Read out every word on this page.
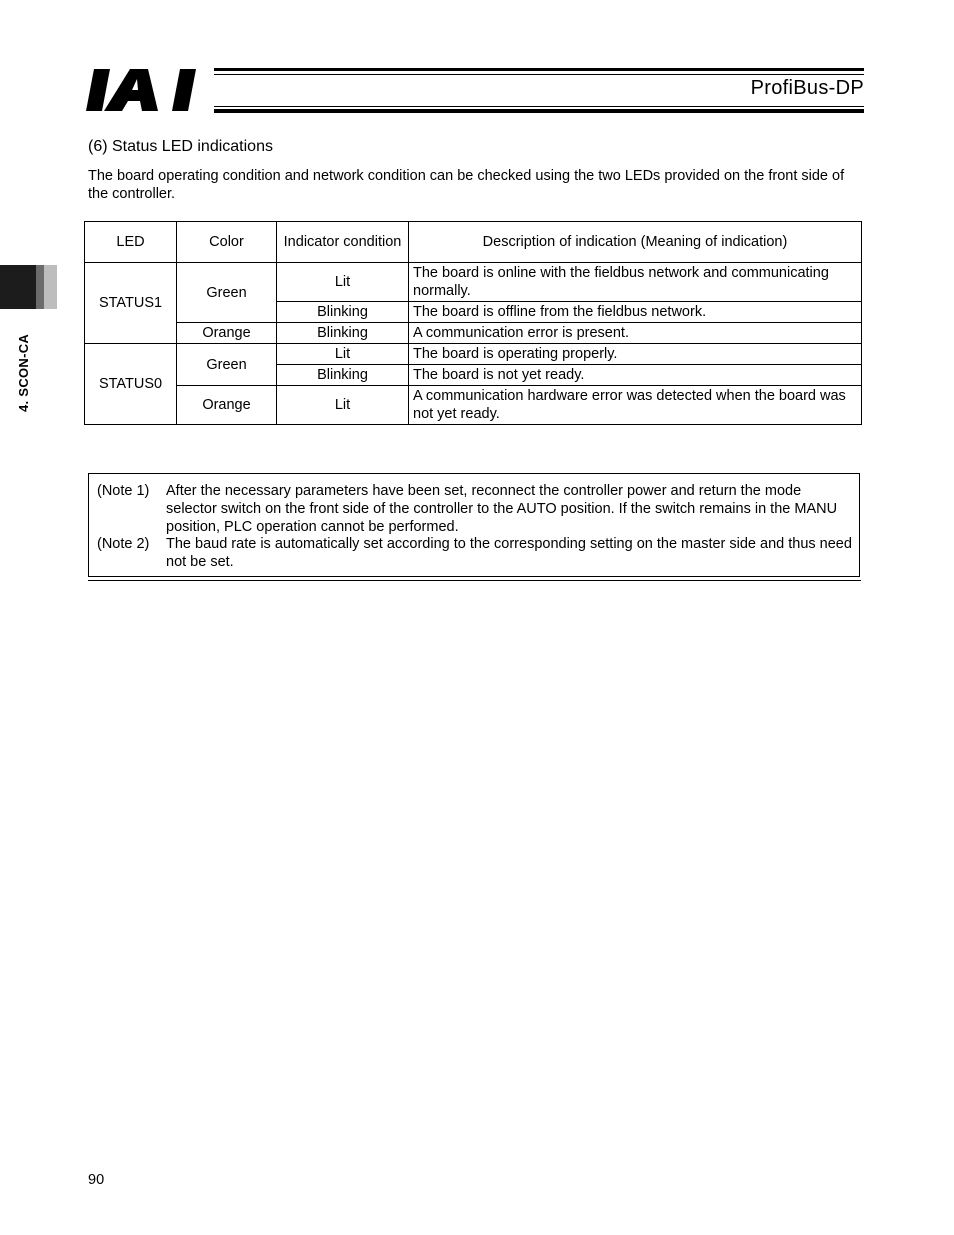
ProfiBus-DP
4. SCON-CA
(6) Status LED indications
The board operating condition and network condition can be checked using the two LEDs provided on the front side of the controller.
LED	Color	Indicator condition	Description of indication (Meaning of indication)
STATUS1	Green	Lit	The board is online with the fieldbus network and communicating normally.
		Blinking	The board is offline from the fieldbus network.
	Orange	Blinking	A communication error is present.
STATUS0	Green	Lit	The board is operating properly.
		Blinking	The board is not yet ready.
	Orange	Lit	A communication hardware error was detected when the board was not yet ready.
(Note 1) After the necessary parameters have been set, reconnect the controller power and return the mode selector switch on the front side of the controller to the AUTO position. If the switch remains in the MANU position, PLC operation cannot be performed.
(Note 2) The baud rate is automatically set according to the corresponding setting on the master side and thus need not be set.
90
